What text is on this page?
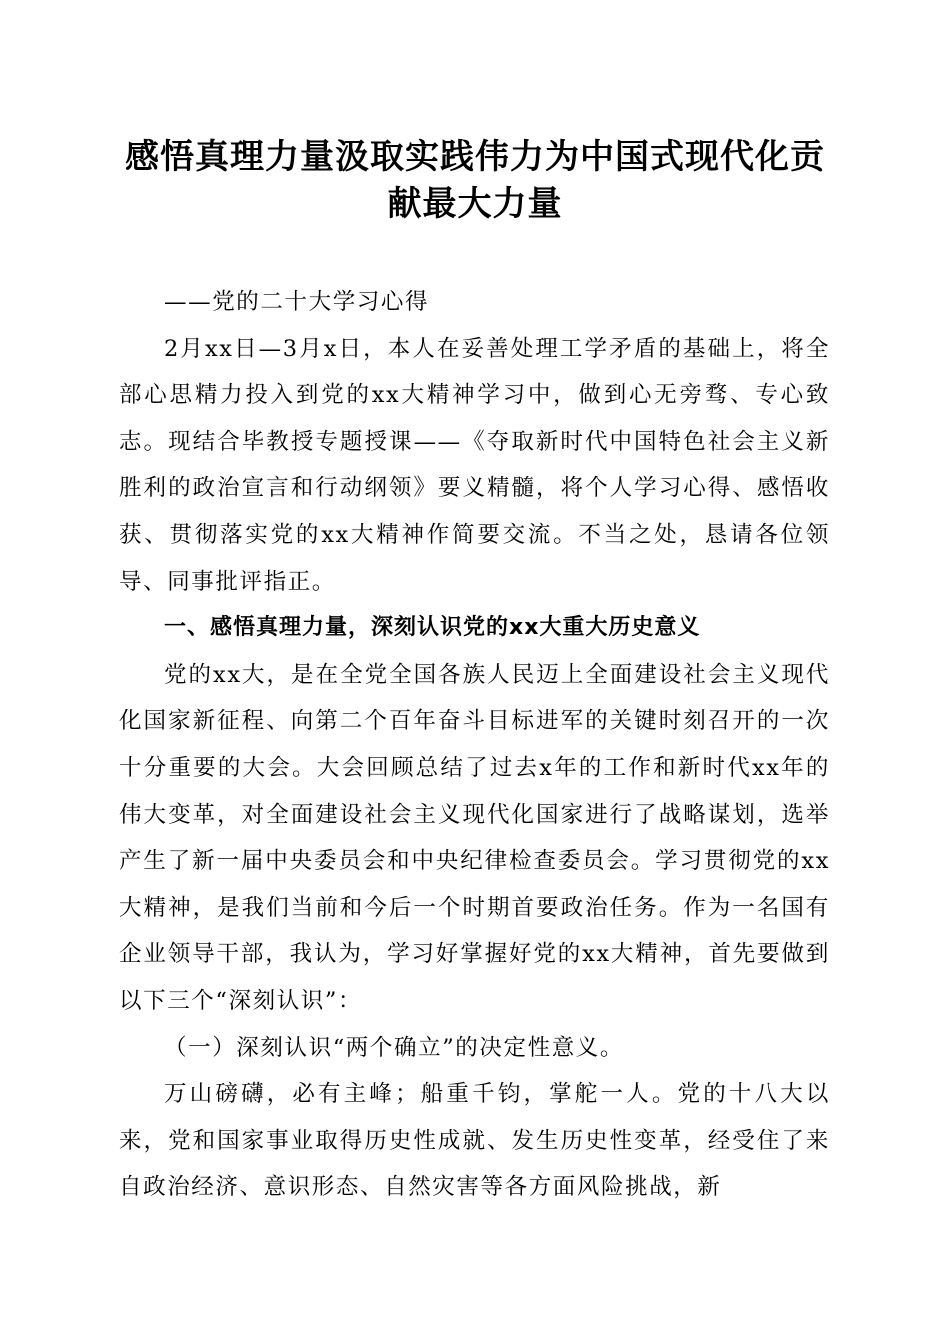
感悟真理力量汲取实践伟力为中国式现代化贡献最大力量

——党的二十大学习心得

2月xx日—3月x日，本人在妥善处理工学矛盾的基础上，将全部心思精力投入到党的xx大精神学习中，做到心无旁骛、专心致志。现结合毕教授专题授课——《夺取新时代中国特色社会主义新胜利的政治宣言和行动纲领》要义精髓，将个人学习心得、感悟收获、贯彻落实党的xx大精神作简要交流。不当之处，恳请各位领导、同事批评指正。

一、感悟真理力量，深刻认识党的xx大重大历史意义

党的xx大，是在全党全国各族人民迈上全面建设社会主义现代化国家新征程、向第二个百年奋斗目标进军的关键时刻召开的一次十分重要的大会。大会回顾总结了过去x年的工作和新时代xx年的伟大变革，对全面建设社会主义现代化国家进行了战略谋划，选举产生了新一届中央委员会和中央纪律检查委员会。学习贯彻党的xx大精神，是我们当前和今后一个时期首要政治任务。作为一名国有企业领导干部，我认为，学习好掌握好党的xx大精神，首先要做到以下三个“深刻认识”：

（一）深刻认识“两个确立”的决定性意义。

万山磅礴，必有主峰；船重千钧，掌舵一人。党的十八大以来，党和国家事业取得历史性成就、发生历史性变革，经受住了来自政治经济、意识形态、自然灾害等各方面风险挑战，新
